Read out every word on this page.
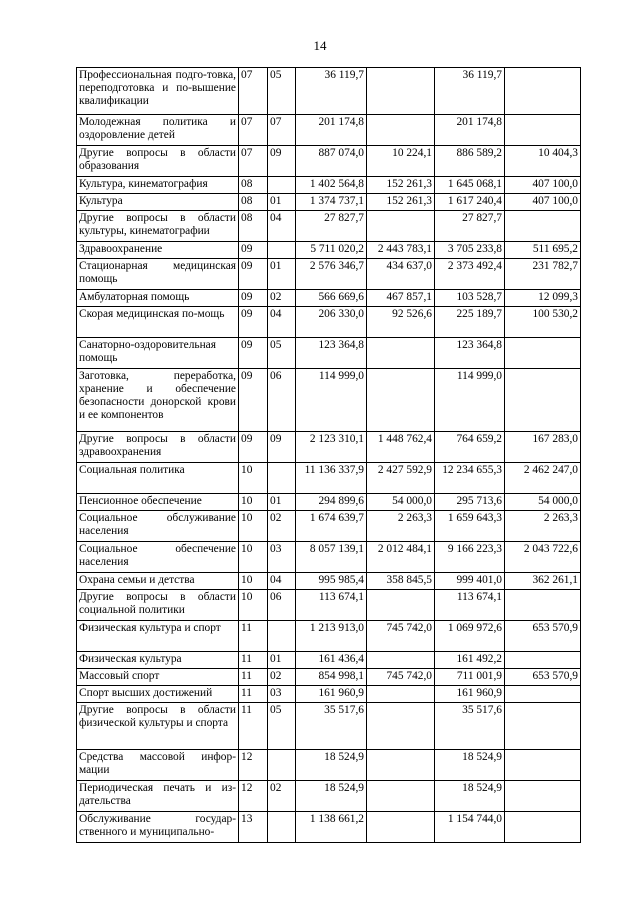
14
Профессиональная подго-товка, переподготовка и по-вышение квалификации	07	05	36 119,7		36 119,7	
Молодежная политика и оздоровление детей	07	07	201 174,8		201 174,8	
Другие вопросы в области образования	07	09	887 074,0	10 224,1	886 589,2	10 404,3
Культура, кинематография	08		1 402 564,8	152 261,3	1 645 068,1	407 100,0
Культура	08	01	1 374 737,1	152 261,3	1 617 240,4	407 100,0
Другие вопросы в области культуры, кинематографии	08	04	27 827,7		27 827,7	
Здравоохранение	09		5 711 020,2	2 443 783,1	3 705 233,8	511 695,2
Стационарная медицинская помощь	09	01	2 576 346,7	434 637,0	2 373 492,4	231 782,7
Амбулаторная помощь	09	02	566 669,6	467 857,1	103 528,7	12 099,3
Скорая медицинская по-мощь	09	04	206 330,0	92 526,6	225 189,7	100 530,2
Санаторно-оздоровительная помощь	09	05	123 364,8		123 364,8	
Заготовка, переработка, хранение и обеспечение безопасности донорской крови и ее компонентов	09	06	114 999,0		114 999,0	
Другие вопросы в области здравоохранения	09	09	2 123 310,1	1 448 762,4	764 659,2	167 283,0
Социальная политика	10		11 136 337,9	2 427 592,9	12 234 655,3	2 462 247,0
Пенсионное обеспечение	10	01	294 899,6	54 000,0	295 713,6	54 000,0
Социальное обслуживание населения	10	02	1 674 639,7	2 263,3	1 659 643,3	2 263,3
Социальное обеспечение населения	10	03	8 057 139,1	2 012 484,1	9 166 223,3	2 043 722,6
Охрана семьи и детства	10	04	995 985,4	358 845,5	999 401,0	362 261,1
Другие вопросы в области социальной политики	10	06	113 674,1		113 674,1	
Физическая культура и спорт	11		1 213 913,0	745 742,0	1 069 972,6	653 570,9
Физическая культура	11	01	161 436,4		161 492,2	
Массовый спорт	11	02	854 998,1	745 742,0	711 001,9	653 570,9
Спорт высших достижений	11	03	161 960,9		161 960,9	
Другие вопросы в области физической культуры и спорта	11	05	35 517,6		35 517,6	
Средства массовой инфор-мации	12		18 524,9		18 524,9	
Периодическая печать и из-дательства	12	02	18 524,9		18 524,9	
Обслуживание государ-ственного и муниципально-	13		1 138 661,2		1 154 744,0	
